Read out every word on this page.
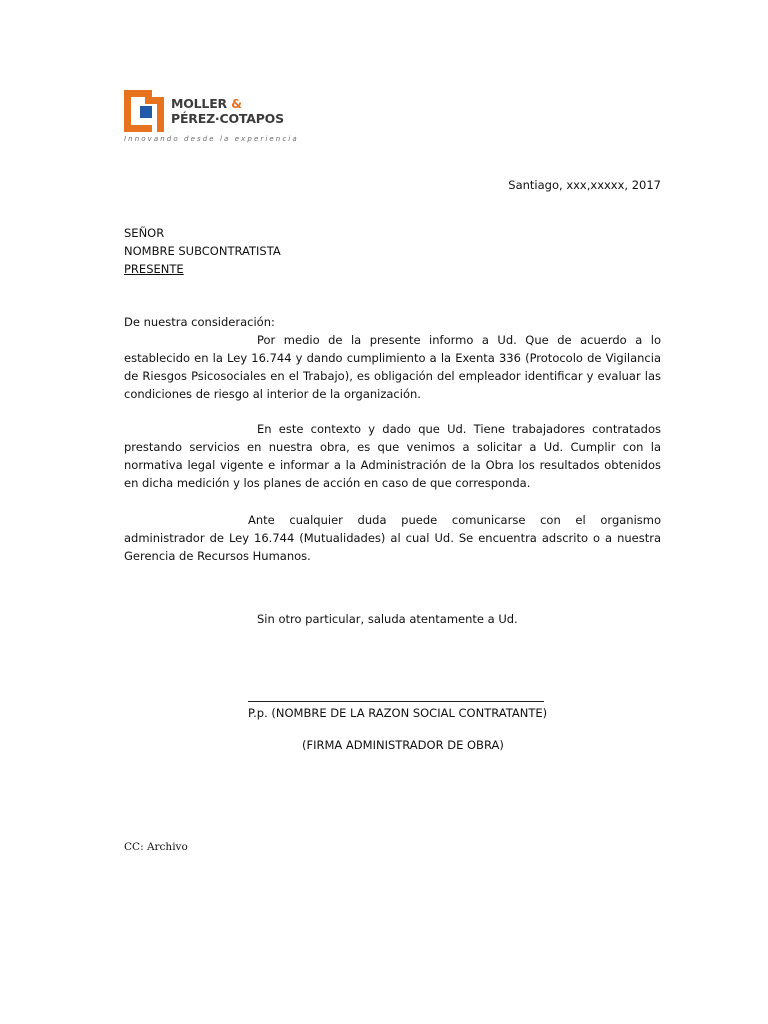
MOLLER &
PÉREZ·COTAPOS
Innovando desde la experiencia
Santiago, xxx,xxxxx, 2017
SEÑOR
NOMBRE SUBCONTRATISTA
PRESENTE
De nuestra consideración:

Por medio de la presente informo a Ud. Que de acuerdo a lo establecido en la Ley 16.744 y dando cumplimiento a la Exenta 336 (Protocolo de Vigilancia de Riesgos Psicosociales en el Trabajo), es obligación del empleador identificar y evaluar las condiciones de riesgo al interior de la organización.

En este contexto y dado que Ud. Tiene trabajadores contratados prestando servicios en nuestra obra, es que venimos a solicitar a Ud. Cumplir con la normativa legal vigente e informar a la Administración de la Obra los resultados obtenidos en dicha medición y los planes de acción en caso de que corresponda.

Ante cualquier duda puede comunicarse con el organismo administrador de Ley 16.744 (Mutualidades) al cual Ud. Se encuentra adscrito o a nuestra Gerencia de Recursos Humanos.

Sin otro particular, saluda atentamente a Ud.
P.p. (NOMBRE DE LA RAZON SOCIAL CONTRATANTE)
(FIRMA ADMINISTRADOR DE OBRA)
CC: Archivo
